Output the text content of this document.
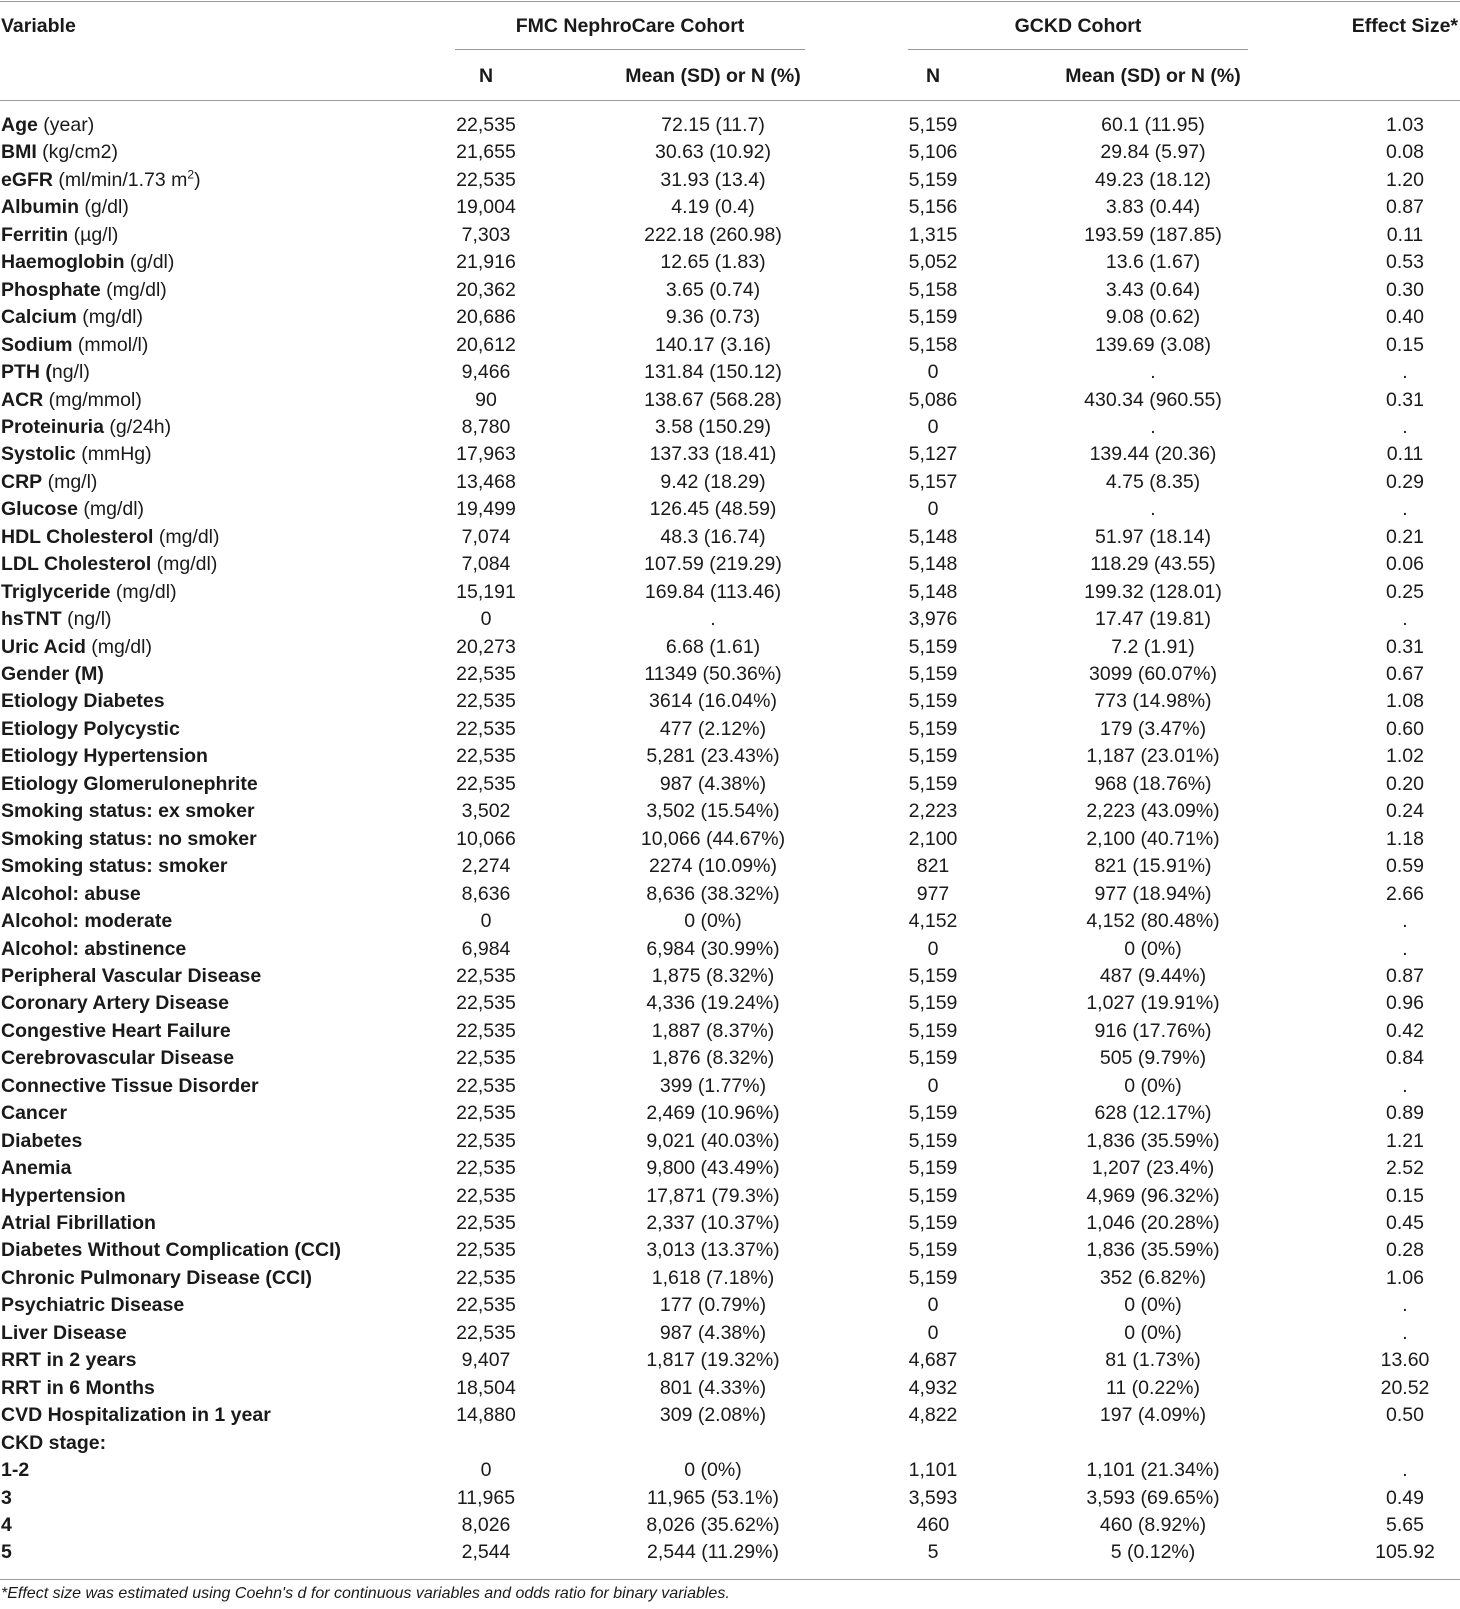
Variable	FMC NephroCare Cohort	GCKD Cohort	Effect Size*
N	Mean (SD) or N (%)	N	Mean (SD) or N (%)
Age (year)	22,535	72.15 (11.7)	5,159	60.1 (11.95)	1.03
BMI (kg/cm2)	21,655	30.63 (10.92)	5,106	29.84 (5.97)	0.08
eGFR (ml/min/1.73 $m^2$)	22,535	31.93 (13.4)	5,159	49.23 (18.12)	1.20
Albumin (g/dl)	19,004	4.19 (0.4)	5,156	3.83 (0.44)	0.87
Ferritin (µg/l)	7,303	222.18 (260.98)	1,315	193.59 (187.85)	0.11
Haemoglobin (g/dl)	21,916	12.65 (1.83)	5,052	13.6 (1.67)	0.53
Phosphate (mg/dl)	20,362	3.65 (0.74)	5,158	3.43 (0.64)	0.30
Calcium (mg/dl)	20,686	9.36 (0.73)	5,159	9.08 (0.62)	0.40
Sodium (mmol/l)	20,612	140.17 (3.16)	5,158	139.69 (3.08)	0.15
PTH (ng/l)	9,466	131.84 (150.12)	0	.	.
ACR (mg/mmol)	90	138.67 (568.28)	5,086	430.34 (960.55)	0.31
Proteinuria (g/24h)	8,780	3.58 (150.29)	0	.	.
Systolic (mmHg)	17,963	137.33 (18.41)	5,127	139.44 (20.36)	0.11
CRP (mg/l)	13,468	9.42 (18.29)	5,157	4.75 (8.35)	0.29
Glucose (mg/dl)	19,499	126.45 (48.59)	0	.	.
HDL Cholesterol (mg/dl)	7,074	48.3 (16.74)	5,148	51.97 (18.14)	0.21
LDL Cholesterol (mg/dl)	7,084	107.59 (219.29)	5,148	118.29 (43.55)	0.06
Triglyceride (mg/dl)	15,191	169.84 (113.46)	5,148	199.32 (128.01)	0.25
hsTNT (ng/l)	0	.	3,976	17.47 (19.81)	.
Uric Acid (mg/dl)	20,273	6.68 (1.61)	5,159	7.2 (1.91)	0.31
Gender (M)	22,535	11349 (50.36%)	5,159	3099 (60.07%)	0.67
Etiology Diabetes	22,535	3614 (16.04%)	5,159	773 (14.98%)	1.08
Etiology Polycystic	22,535	477 (2.12%)	5,159	179 (3.47%)	0.60
Etiology Hypertension	22,535	5,281 (23.43%)	5,159	1,187 (23.01%)	1.02
Etiology Glomerulonephrite	22,535	987 (4.38%)	5,159	968 (18.76%)	0.20
Smoking status: ex smoker	3,502	3,502 (15.54%)	2,223	2,223 (43.09%)	0.24
Smoking status: no smoker	10,066	10,066 (44.67%)	2,100	2,100 (40.71%)	1.18
Smoking status: smoker	2,274	2274 (10.09%)	821	821 (15.91%)	0.59
Alcohol: abuse	8,636	8,636 (38.32%)	977	977 (18.94%)	2.66
Alcohol: moderate	0	0 (0%)	4,152	4,152 (80.48%)	.
Alcohol: abstinence	6,984	6,984 (30.99%)	0	0 (0%)	.
Peripheral Vascular Disease	22,535	1,875 (8.32%)	5,159	487 (9.44%)	0.87
Coronary Artery Disease	22,535	4,336 (19.24%)	5,159	1,027 (19.91%)	0.96
Congestive Heart Failure	22,535	1,887 (8.37%)	5,159	916 (17.76%)	0.42
Cerebrovascular Disease	22,535	1,876 (8.32%)	5,159	505 (9.79%)	0.84
Connective Tissue Disorder	22,535	399 (1.77%)	0	0 (0%)	.
Cancer	22,535	2,469 (10.96%)	5,159	628 (12.17%)	0.89
Diabetes	22,535	9,021 (40.03%)	5,159	1,836 (35.59%)	1.21
Anemia	22,535	9,800 (43.49%)	5,159	1,207 (23.4%)	2.52
Hypertension	22,535	17,871 (79.3%)	5,159	4,969 (96.32%)	0.15
Atrial Fibrillation	22,535	2,337 (10.37%)	5,159	1,046 (20.28%)	0.45
Diabetes Without Complication (CCI)	22,535	3,013 (13.37%)	5,159	1,836 (35.59%)	0.28
Chronic Pulmonary Disease (CCI)	22,535	1,618 (7.18%)	5,159	352 (6.82%)	1.06
Psychiatric Disease	22,535	177 (0.79%)	0	0 (0%)	.
Liver Disease	22,535	987 (4.38%)	0	0 (0%)	.
RRT in 2 years	9,407	1,817 (19.32%)	4,687	81 (1.73%)	13.60
RRT in 6 Months	18,504	801 (4.33%)	4,932	11 (0.22%)	20.52
CVD Hospitalization in 1 year	14,880	309 (2.08%)	4,822	197 (4.09%)	0.50
CKD stage:
1-2	0	0 (0%)	1,101	1,101 (21.34%)	.
3	11,965	11,965 (53.1%)	3,593	3,593 (69.65%)	0.49
4	8,026	8,026 (35.62%)	460	460 (8.92%)	5.65
5	2,544	2,544 (11.29%)	5	5 (0.12%)	105.92
*Effect size was estimated using Coehn's d for continuous variables and odds ratio for binary variables.
